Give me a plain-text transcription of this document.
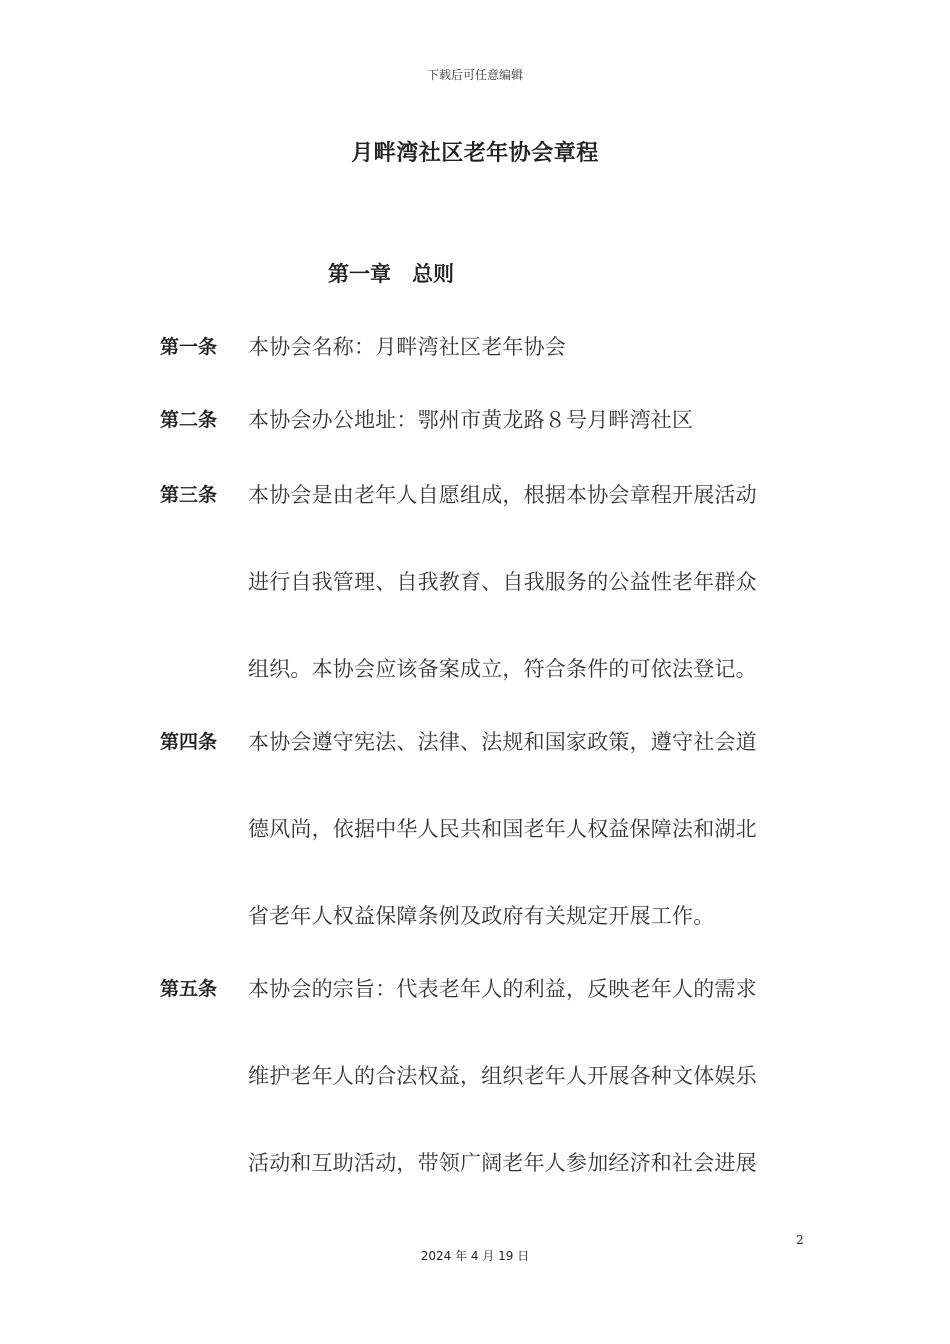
下载后可任意编辑
月畔湾社区老年协会章程
第一章　总则
第一条 本协会名称：月畔湾社区老年协会
第二条 本协会办公地址：鄂州市黄龙路８号月畔湾社区
第三条 本协会是由老年人自愿组成，根据本协会章程开展活动
进行自我管理、自我教育、自我服务的公益性老年群众
组织。本协会应该备案成立，符合条件的可依法登记。
第四条 本协会遵守宪法、法律、法规和国家政策，遵守社会道
德风尚，依据中华人民共和国老年人权益保障法和湖北
省老年人权益保障条例及政府有关规定开展工作。
第五条 本协会的宗旨：代表老年人的利益，反映老年人的需求
维护老年人的合法权益，组织老年人开展各种文体娱乐
活动和互助活动，带领广阔老年人参加经济和社会进展
2
2024 年 4 月 19 日
